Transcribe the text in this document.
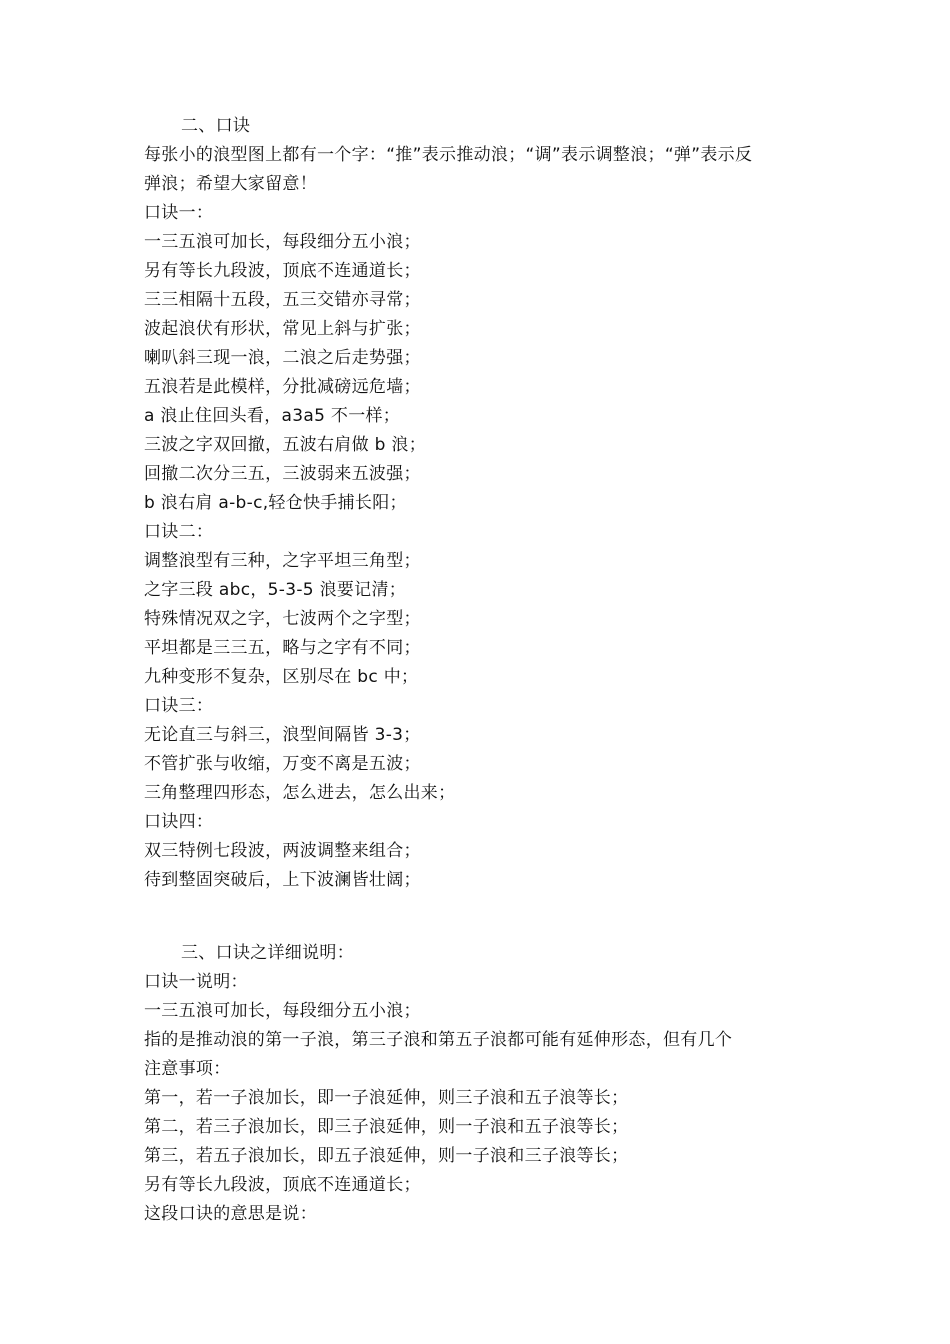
二、口诀
每张小的浪型图上都有一个字：“推”表示推动浪；“调”表示调整浪；“弹”表示反
弹浪；希望大家留意！
口诀一：
一三五浪可加长，每段细分五小浪；
另有等长九段波，顶底不连通道长；
三三相隔十五段，五三交错亦寻常；
波起浪伏有形状，常见上斜与扩张；
喇叭斜三现一浪，二浪之后走势强；
五浪若是此模样，分批减磅远危墙；
a 浪止住回头看，a3a5 不一样；
三波之字双回撤，五波右肩做 b 浪；
回撤二次分三五，三波弱来五波强；
b 浪右肩 a-b-c,轻仓快手捕长阳；
口诀二：
调整浪型有三种，之字平坦三角型；
之字三段 abc，5-3-5 浪要记清；
特殊情况双之字，七波两个之字型；
平坦都是三三五，略与之字有不同；
九种变形不复杂，区别尽在 bc 中；
口诀三：
无论直三与斜三，浪型间隔皆 3-3；
不管扩张与收缩，万变不离是五波；
三角整理四形态，怎么进去，怎么出来；
口诀四：
双三特例七段波，两波调整来组合；
待到整固突破后，上下波澜皆壮阔；
三、口诀之详细说明：
口诀一说明：
一三五浪可加长，每段细分五小浪；
指的是推动浪的第一子浪，第三子浪和第五子浪都可能有延伸形态，但有几个
注意事项：
第一，若一子浪加长，即一子浪延伸，则三子浪和五子浪等长；
第二，若三子浪加长，即三子浪延伸，则一子浪和五子浪等长；
第三，若五子浪加长，即五子浪延伸，则一子浪和三子浪等长；
另有等长九段波，顶底不连通道长；
这段口诀的意思是说：
